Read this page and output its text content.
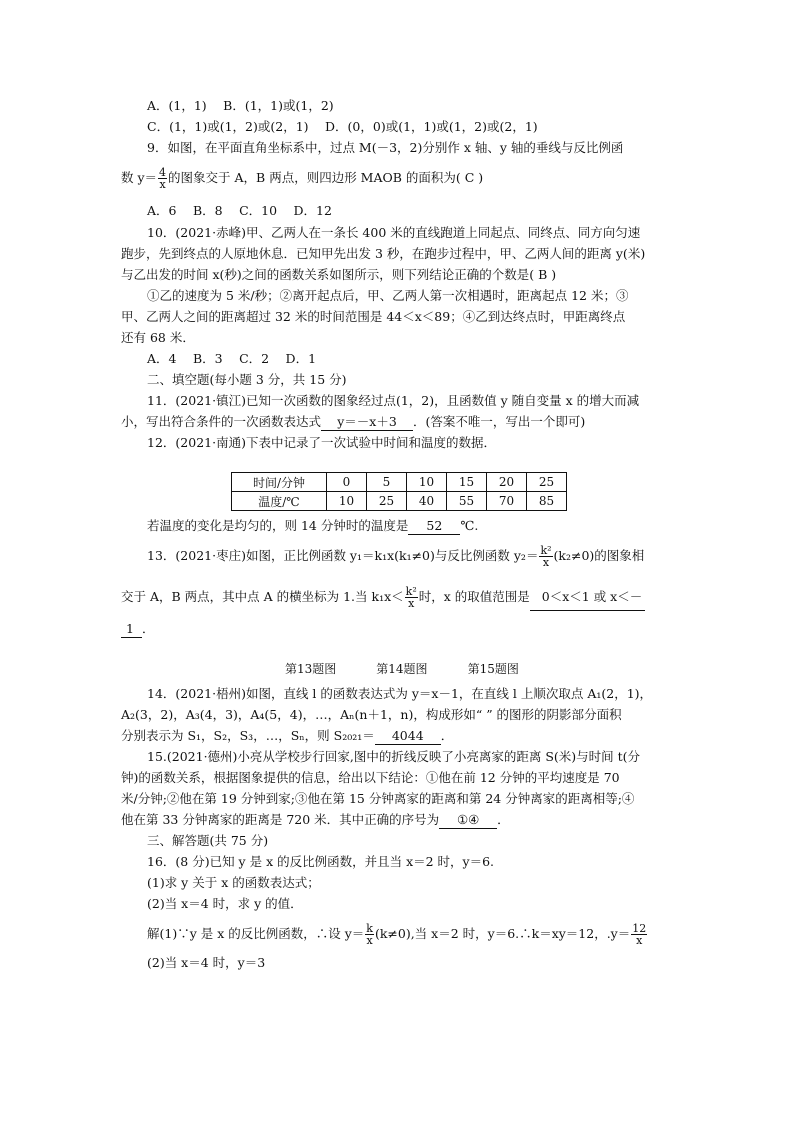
A．(1，1)　 B．(1，1)或(1，2)
C．(1，1)或(1，2)或(2，1)　 D．(0，0)或(1，1)或(1，2)或(2，1)
9．如图，在平面直角坐标系中，过点 M(－3，2)分别作 x 轴、y 轴的垂线与反比例函
数 $y= \frac{4}{x}$ 的图象交于 A，B 两点，则四边形 MAOB 的面积为( C )
A．6　 B．8　 C．10　 D．12
10．(2021·赤峰)甲、乙两人在一条长 400 米的直线跑道上同起点、同终点、同方向匀速
跑步，先到终点的人原地休息．已知甲先出发 3 秒，在跑步过程中，甲、乙两人间的距离 y(米)
与乙出发的时间 x(秒)之间的函数关系如图所示，则下列结论正确的个数是( B )
①乙的速度为 5 米/秒；②离开起点后，甲、乙两人第一次相遇时，距离起点 12 米；③
甲、乙两人之间的距离超过 32 米的时间范围是 44＜x＜89；④乙到达终点时，甲距离终点
还有 68 米．
A．4　 B．3　 C．2　 D．1
二、填空题(每小题 3 分，共 15 分)
11．(2021·镇江)已知一次函数的图象经过点(1，2)，且函数值 y 随自变量 x 的增大而减
小，写出符合条件的一次函数表达式 y＝－x＋3 ．(答案不唯一，写出一个即可)
12．(2021·南通)下表中记录了一次试验中时间和温度的数据．
时间/分钟	0	5	10	15	20	25
温度/℃	10	25	40	55	70	85
若温度的变化是均匀的，则 14 分钟时的温度是 52 ℃.
13．(2021·枣庄)如图，正比例函数 y₁＝k₁x(k₁≠0)与反比例函数 $y_2= \frac{\text{k²}}{x} (k_2\ne 0)$的图象相
交于 A，B 两点，其中点 A 的横坐标为 1.当 $k_1x< \frac{\text{k²}}{x}$ 时，x 的取值范围是 0＜x＜1 或 x＜－
1 ．
第13题图	第14题图	第15题图
14．(2021·梧州)如图，直线 l 的函数表达式为 y＝x－1，在直线 l 上顺次取点 A₁(2，1)，
A₂(3，2)，A₃(4，3)，A₄(5，4)，…，Aₙ(n＋1，n)，构成形如“ ” 的图形的阴影部分面积
分别表示为 S₁，S₂，S₃，…，Sₙ，则 S₂₀₂₁＝ 4044 ．
15.(2021·德州)小亮从学校步行回家,图中的折线反映了小亮离家的距离 S(米)与时间 t(分
钟)的函数关系，根据图象提供的信息，给出以下结论：①他在前 12 分钟的平均速度是 70
米/分钟;②他在第 19 分钟到家;③他在第 15 分钟离家的距离和第 24 分钟离家的距离相等;④
他在第 33 分钟离家的距离是 720 米．其中正确的序号为 ①④ ．
三、解答题(共 75 分)
16．(8 分)已知 y 是 x 的反比例函数，并且当 x＝2 时，y＝6.
(1)求 y 关于 x 的函数表达式；
(2)当 x＝4 时，求 y 的值．
解(1)∵y 是 x 的反比例函数，∴设 $y= \frac{k}{x} (k\ne 0)$,当 x＝2 时，y＝6.∴k＝xy＝12，$.y= \frac{12}{x}$
(2)当 x＝4 时，y＝3
